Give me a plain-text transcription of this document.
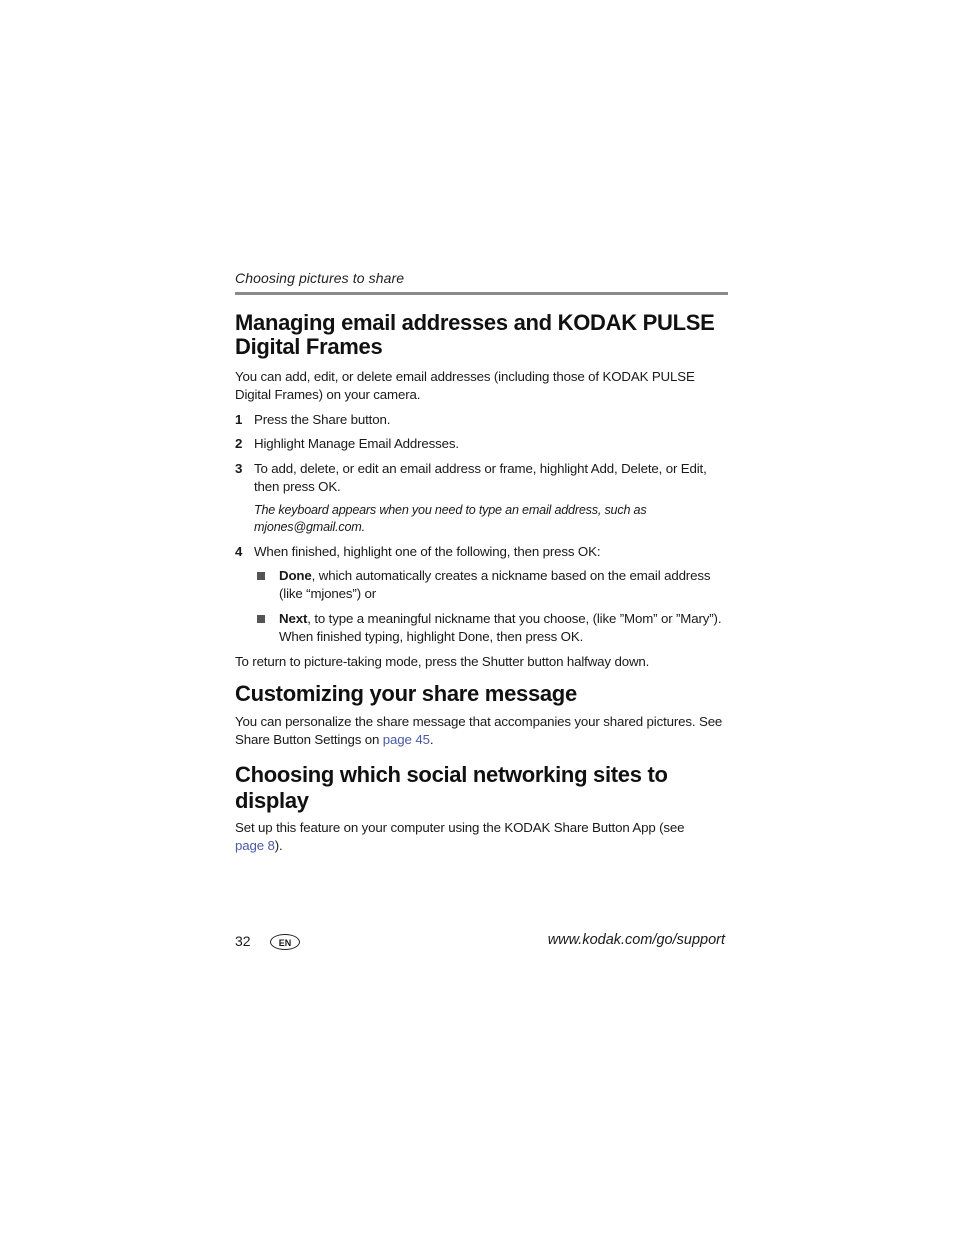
Choosing pictures to share
Managing email addresses and KODAK PULSE Digital Frames

You can add, edit, or delete email addresses (including those of KODAK PULSE Digital Frames) on your camera.

1 Press the Share button.
2 Highlight Manage Email Addresses.
3 To add, delete, or edit an email address or frame, highlight Add, Delete, or Edit, then press OK.
The keyboard appears when you need to type an email address, such as mjones@gmail.com.
4 When finished, highlight one of the following, then press OK:
Done, which automatically creates a nickname based on the email address (like “mjones”) or
Next, to type a meaningful nickname that you choose, (like ”Mom” or ”Mary”). When finished typing, highlight Done, then press OK.

To return to picture-taking mode, press the Shutter button halfway down.

Customizing your share message

You can personalize the share message that accompanies your shared pictures. See Share Button Settings on page 45.

Choosing which social networking sites to display

Set up this feature on your computer using the KODAK Share Button App (see
page 8).

32	EN	www.kodak.com/go/support
